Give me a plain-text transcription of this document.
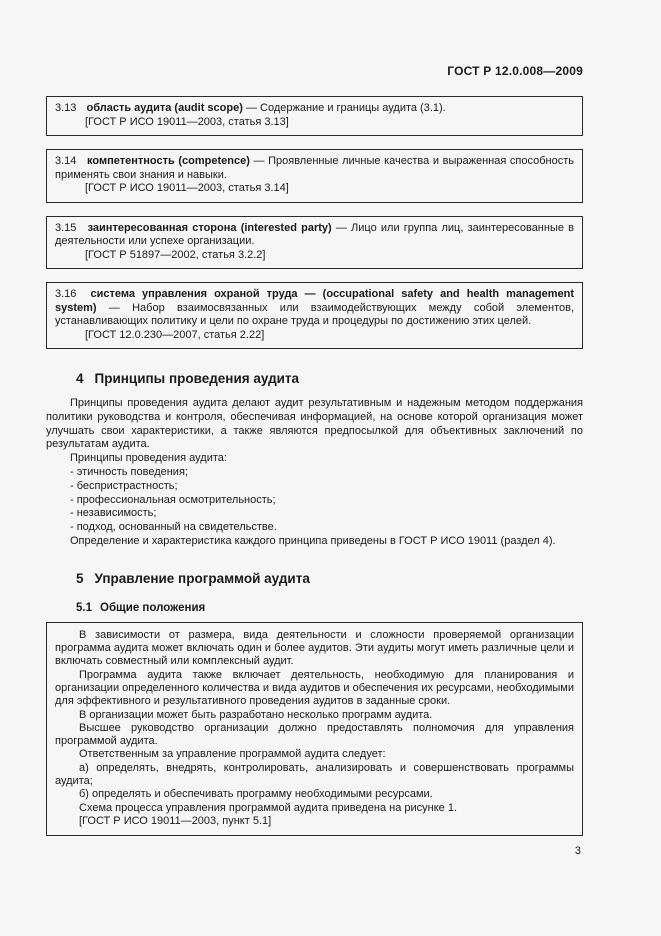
ГОСТ Р 12.0.008—2009

3.13 область аудита (audit scope) — Содержание и границы аудита (3.1).

[ГОСТ Р ИСО 19011—2003, статья 3.13]

3.14 компетентность (competence) — Проявленные личные качества и выраженная способность применять свои знания и навыки.

[ГОСТ Р ИСО 19011—2003, статья 3.14]

3.15 заинтересованная сторона (interested party) — Лицо или группа лиц, заинтересованные в деятельности или успехе организации.

[ГОСТ Р 51897—2002, статья 3.2.2]

3.16 система управления охраной труда — (occupational safety and health management system) — Набор взаимосвязанных или взаимодействующих между собой элементов, устанавливающих политику и цели по охране труда и процедуры по достижению этих целей.

[ГОСТ 12.0.230—2007, статья 2.22]

4 Принципы проведения аудита

Принципы проведения аудита делают аудит результативным и надежным методом поддержания политики руководства и контроля, обеспечивая информацией, на основе которой организация может улучшать свои характеристики, а также являются предпосылкой для объективных заключений по результатам аудита.

Принципы проведения аудита:

- этичность поведения;

- беспристрастность;

- профессиональная осмотрительность;

- независимость;

- подход, основанный на свидетельстве.

Определение и характеристика каждого принципа приведены в ГОСТ Р ИСО 19011 (раздел 4).

5 Управление программой аудита
5.1 Общие положения

В зависимости от размера, вида деятельности и сложности проверяемой организации программа аудита может включать один и более аудитов. Эти аудиты могут иметь различные цели и включать совместный или комплексный аудит.

Программа аудита также включает деятельность, необходимую для планирования и организации определенного количества и вида аудитов и обеспечения их ресурсами, необходимыми для эффективного и результативного проведения аудитов в заданные сроки.

В организации может быть разработано несколько программ аудита.

Высшее руководство организации должно предоставлять полномочия для управления программой аудита.

Ответственным за управление программой аудита следует:

а) определять, внедрять, контролировать, анализировать и совершенствовать программы аудита;

б) определять и обеспечивать программу необходимыми ресурсами.

Схема процесса управления программой аудита приведена на рисунке 1.

[ГОСТ Р ИСО 19011—2003, пункт 5.1]

3
